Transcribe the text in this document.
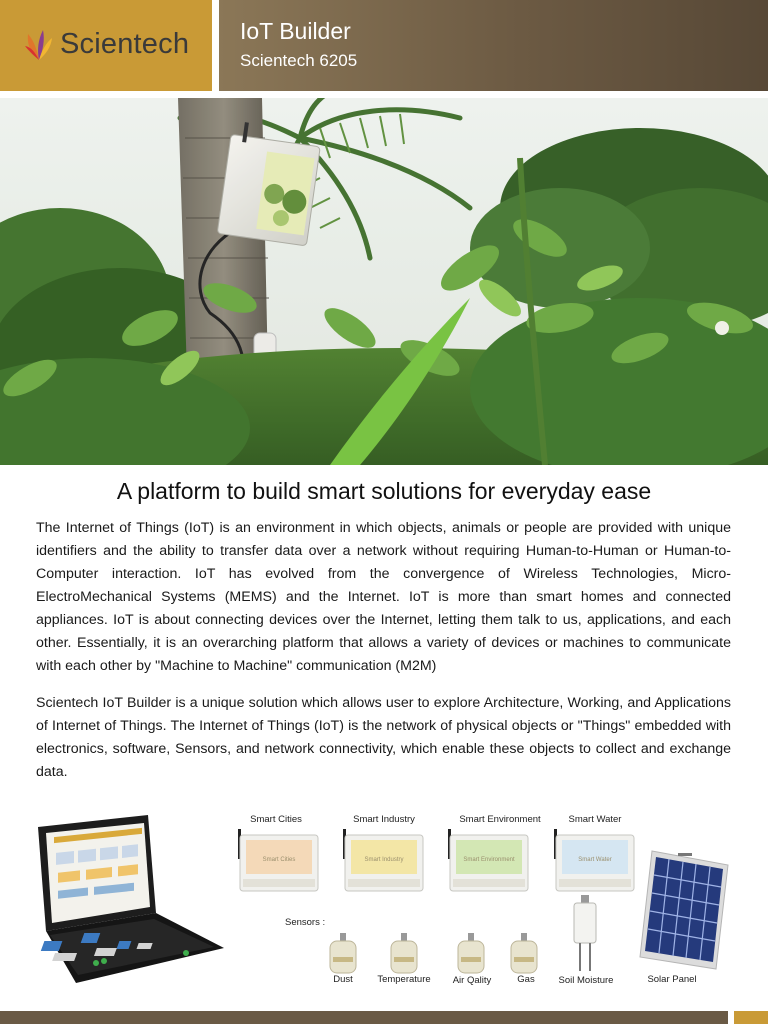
Scientech IoT Builder
Scientech 6205
A platform to build smart solutions for everyday ease

The Internet of Things (IoT) is an environment in which objects, animals or people are provided with unique identifiers and the ability to transfer data over a network without requiring Human-to-Human or Human-to-Computer interaction. IoT has evolved from the convergence of Wireless Technologies, Micro-ElectroMechanical Systems (MEMS) and the Internet. IoT is more than smart homes and connected appliances. IoT is about connecting devices over the Internet, letting them talk to us, applications, and each other. Essentially, it is an overarching platform that allows a variety of devices or machines to communicate with each other by "Machine to Machine" communication (M2M)

Scientech IoT Builder is a unique solution which allows user to explore Architecture, Working, and Applications of Internet of Things. The Internet of Things (IoT) is the network of physical objects or "Things" embedded with electronics, software, Sensors, and network connectivity, which enable these objects to collect and exchange data.

Smart Cities	Smart Industry	Smart Environment	Smart Water
Smart Cities	Smart Industry	Smart Environment	Smart Water
Sensors :
Dust	Temperature	Air Qality	Gas	Soil Moisture	Solar Panel
